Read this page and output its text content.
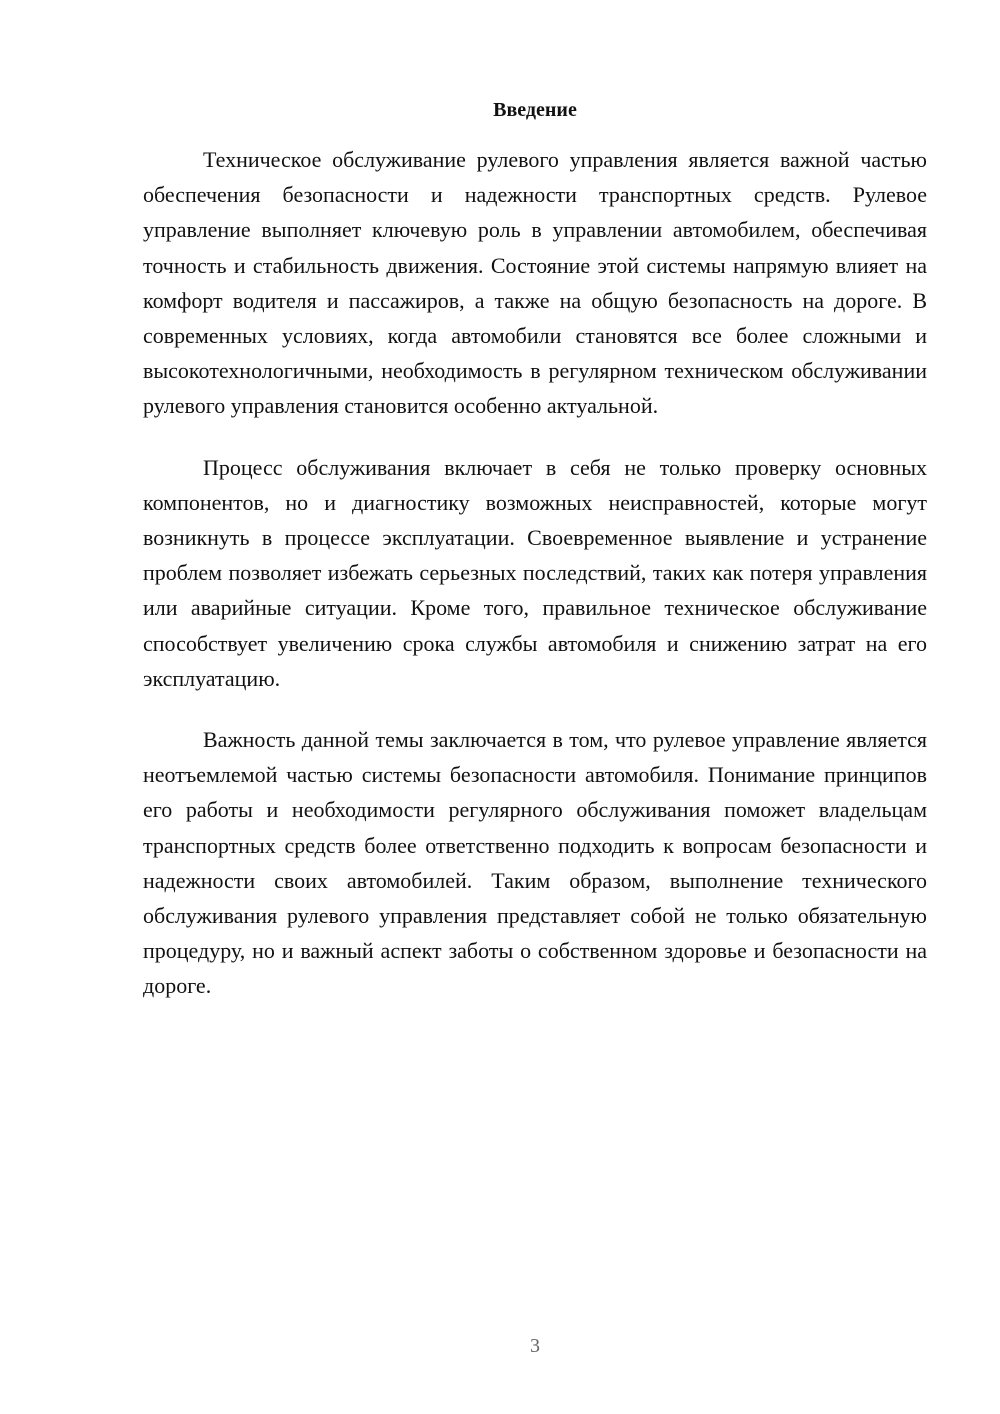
Введение

Техническое обслуживание рулевого управления является важной частью обеспечения безопасности и надежности транспортных средств. Рулевое управление выполняет ключевую роль в управлении автомобилем, обеспечивая точность и стабильность движения. Состояние этой системы напрямую влияет на комфорт водителя и пассажиров, а также на общую безопасность на дороге. В современных условиях, когда автомобили становятся все более сложными и высокотехнологичными, необходимость в регулярном техническом обслуживании рулевого управления становится особенно актуальной.

Процесс обслуживания включает в себя не только проверку основных компонентов, но и диагностику возможных неисправностей, которые могут возникнуть в процессе эксплуатации. Своевременное выявление и устранение проблем позволяет избежать серьезных последствий, таких как потеря управления или аварийные ситуации. Кроме того, правильное техническое обслуживание способствует увеличению срока службы автомобиля и снижению затрат на его эксплуатацию.

Важность данной темы заключается в том, что рулевое управление является неотъемлемой частью системы безопасности автомобиля. Понимание принципов его работы и необходимости регулярного обслуживания поможет владельцам транспортных средств более ответственно подходить к вопросам безопасности и надежности своих автомобилей. Таким образом, выполнение технического обслуживания рулевого управления представляет собой не только обязательную процедуру, но и важный аспект заботы о собственном здоровье и безопасности на дороге.

3
